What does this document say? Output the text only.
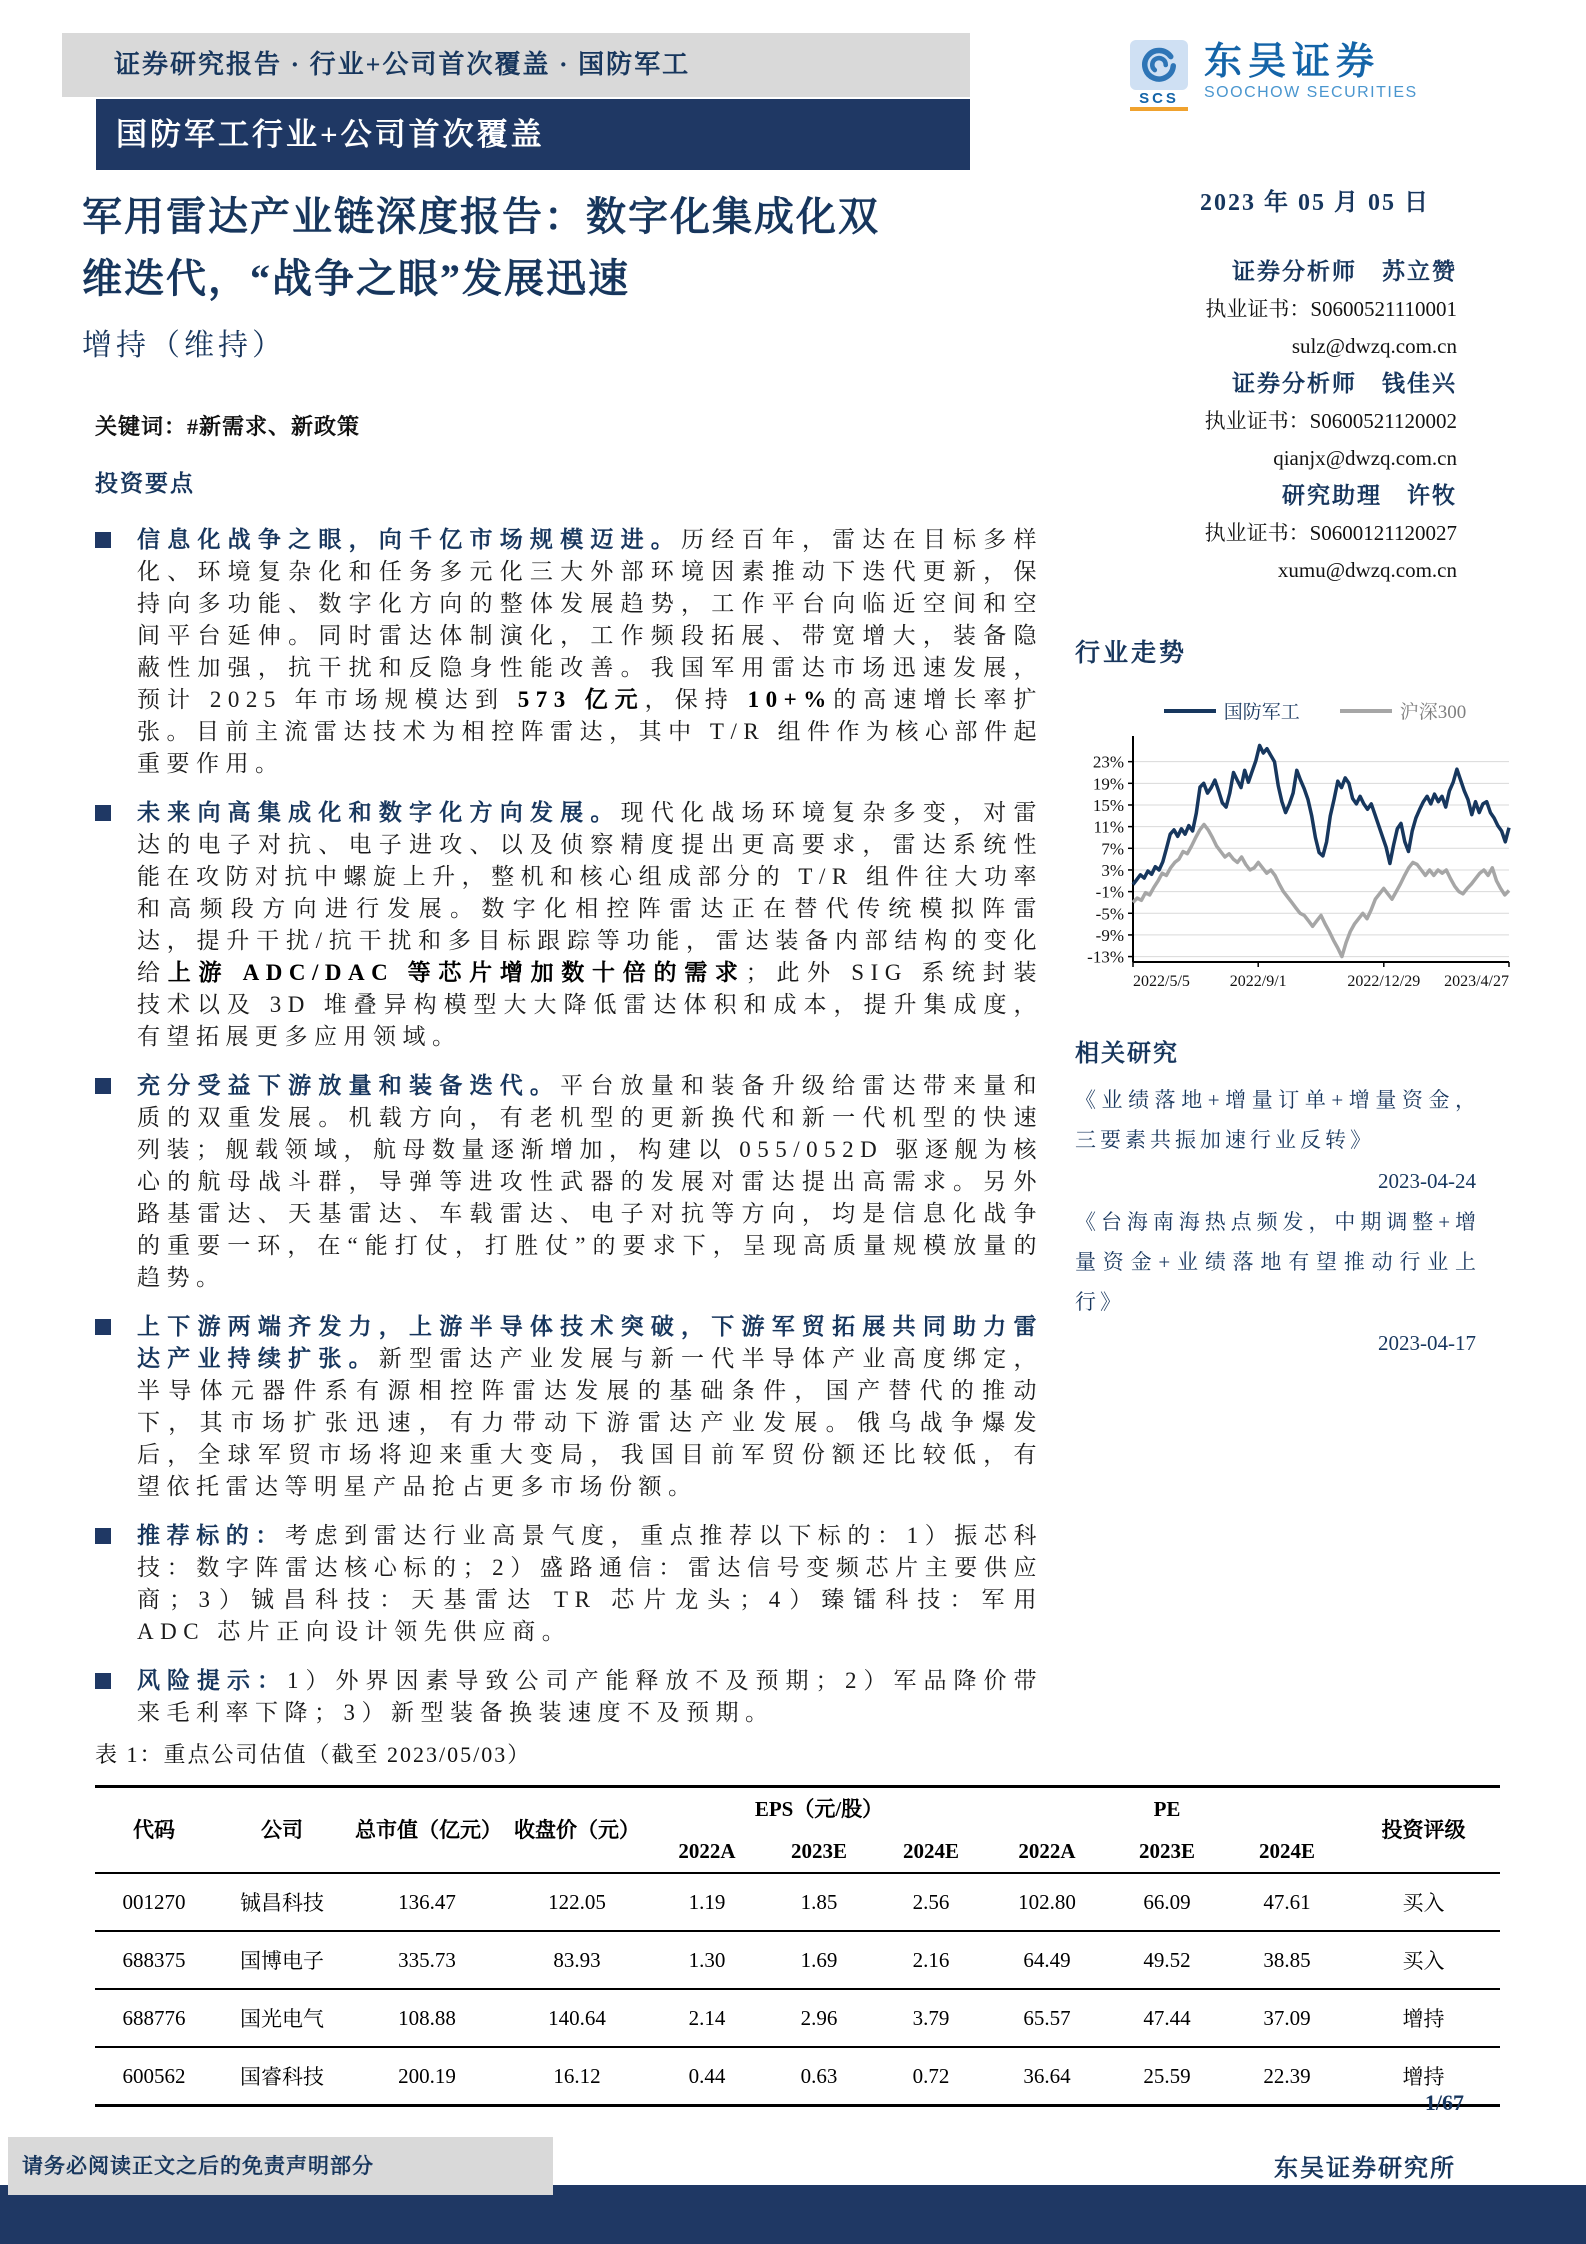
证券研究报告 · 行业+公司首次覆盖 · 国防军工
国防军工行业+公司首次覆盖
军用雷达产业链深度报告：数字化集成化双
维迭代，“战争之眼”发展迅速
增持（维持）
关键词：#新需求、新政策
投资要点
信息化战争之眼，向千亿市场规模迈进。历经百年，雷达在目标多样化、环境复杂化和任务多元化三大外部环境因素推动下迭代更新，保持向多功能、数字化方向的整体发展趋势，工作平台向临近空间和空间平台延伸。同时雷达体制演化，工作频段拓展、带宽增大，装备隐蔽性加强，抗干扰和反隐身性能改善。我国军用雷达市场迅速发展，预计 2025 年市场规模达到 573 亿元，保持 10+%的高速增长率扩张。目前主流雷达技术为相控阵雷达，其中 T/R 组件作为核心部件起重要作用。
未来向高集成化和数字化方向发展。现代化战场环境复杂多变，对雷达的电子对抗、电子进攻、以及侦察精度提出更高要求，雷达系统性能在攻防对抗中螺旋上升，整机和核心组成部分的 T/R 组件往大功率和高频段方向进行发展。数字化相控阵雷达正在替代传统模拟阵雷达，提升干扰/抗干扰和多目标跟踪等功能，雷达装备内部结构的变化给上游 ADC/DAC 等芯片增加数十倍的需求；此外 SIG 系统封装技术以及 3D 堆叠异构模型大大降低雷达体积和成本，提升集成度，有望拓展更多应用领域。
充分受益下游放量和装备迭代。平台放量和装备升级给雷达带来量和质的双重发展。机载方向，有老机型的更新换代和新一代机型的快速列装；舰载领域，航母数量逐渐增加，构建以 055/052D 驱逐舰为核心的航母战斗群，导弹等进攻性武器的发展对雷达提出高需求。另外路基雷达、天基雷达、车载雷达、电子对抗等方向，均是信息化战争的重要一环，在“能打仗，打胜仗”的要求下，呈现高质量规模放量的趋势。
上下游两端齐发力，上游半导体技术突破，下游军贸拓展共同助力雷达产业持续扩张。新型雷达产业发展与新一代半导体产业高度绑定，半导体元器件系有源相控阵雷达发展的基础条件，国产替代的推动下，其市场扩张迅速，有力带动下游雷达产业发展。俄乌战争爆发后，全球军贸市场将迎来重大变局，我国目前军贸份额还比较低，有望依托雷达等明星产品抢占更多市场份额。
推荐标的：考虑到雷达行业高景气度，重点推荐以下标的：1）振芯科技：数字阵雷达核心标的；2）盛路通信：雷达信号变频芯片主要供应商；3）铖昌科技：天基雷达 TR 芯片龙头；4）臻镭科技：军用 ADC 芯片正向设计领先供应商。
风险提示：1）外界因素导致公司产能释放不及预期；2）军品降价带来毛利率下降；3）新型装备换装速度不及预期。
SCS
东吴证券
SOOCHOW SECURITIES
2023 年 05 月 05 日
证券分析师　苏立赞
执业证书：S0600521110001
sulz@dwzq.com.cn
证券分析师　钱佳兴
执业证书：S0600521120002
qianjx@dwzq.com.cn
研究助理　许牧
执业证书：S0600121120027
xumu@dwzq.com.cn
行业走势
国防军工	沪深300
23%
19%
15%
11%
7%
3%
-1%
-5%
-9%
-13%
2022/5/5 2022/9/1	2022/12/29 2023/4/27
相关研究
《业绩落地+增量订单+增量资金，三要素共振加速行业反转》
2023-04-24
《台海南海热点频发，中期调整+增量资金+业绩落地有望推动行业上行》
2023-04-17
表 1：重点公司估值（截至 2023/05/03）
代码	公司	总市值（亿元）	收盘价（元）	EPS（元/股）			PE			投资评级
				2022A	2023E	2024E	2022A	2023E	2024E	
001270	铖昌科技	136.47	122.05	1.19	1.85	2.56	102.80	66.09	47.61	买入
688375	国博电子	335.73	83.93	1.30	1.69	2.16	64.49	49.52	38.85	买入
688776	国光电气	108.88	140.64	2.14	2.96	3.79	65.57	47.44	37.09	增持
600562	国睿科技	200.19	16.12	0.44	0.63	0.72	36.64	25.59	22.39	增持
1/67
东吴证券研究所
请务必阅读正文之后的免责声明部分
